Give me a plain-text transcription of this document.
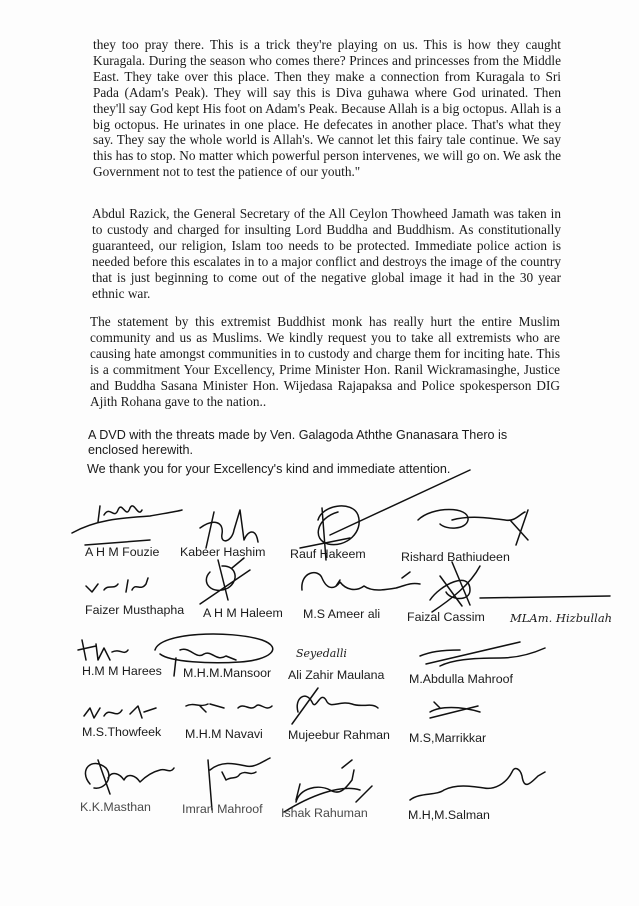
they too pray there. This is a trick they're playing on us. This is how they caught Kuragala. During the season who comes there? Princes and princesses from the Middle East. They take over this place. Then they make a connection from Kuragala to Sri Pada (Adam's Peak). They will say this is Diva guhawa where God urinated. Then they'll say God kept His foot on Adam's Peak. Because Allah is a big octopus. Allah is a big octopus. He urinates in one place. He defecates in another place. That's what they say. They say the whole world is Allah's. We cannot let this fairy tale continue. We say this has to stop. No matter which powerful person intervenes, we will go on. We ask the Government not to test the patience of our youth."

Abdul Razick, the General Secretary of the All Ceylon Thowheed Jamath was taken in to custody and charged for insulting Lord Buddha and Buddhism. As constitutionally guaranteed, our religion, Islam too needs to be protected. Immediate police action is needed before this escalates in to a major conflict and destroys the image of the country that is just beginning to come out of the negative global image it had in the 30 year ethnic war.

The statement by this extremist Buddhist monk has really hurt the entire Muslim community and us as Muslims. We kindly request you to take all extremists who are causing hate amongst communities in to custody and charge them for inciting hate. This is a commitment Your Excellency, Prime Minister Hon. Ranil Wickramasinghe, Justice and Buddha Sasana Minister Hon. Wijedasa Rajapaksa and Police spokesperson DIG Ajith Rohana gave to the nation..

A DVD with the threats made by Ven. Galagoda Aththe Gnanasara Thero is enclosed herewith.

We thank you for your Excellency's kind and immediate attention.

A H M Fouzie Kabeer Hashim Rauf Hakeem	Rishard Bathiudeen
Faizer Musthapha A H M Haleem M.S Ameer ali Faizal Cassim MLAm. Hizbullah
Seyedalli
H.M M Harees M.H.M.Mansoor Ali Zahir Maulana M.Abdulla Mahroof
M.S.Thowfeek M.H.M Navavi Mujeebur Rahman M.S,Marrikkar
K.K.Masthan	Imran Mahroof Ishak Rahuman	M.H,M.Salman
